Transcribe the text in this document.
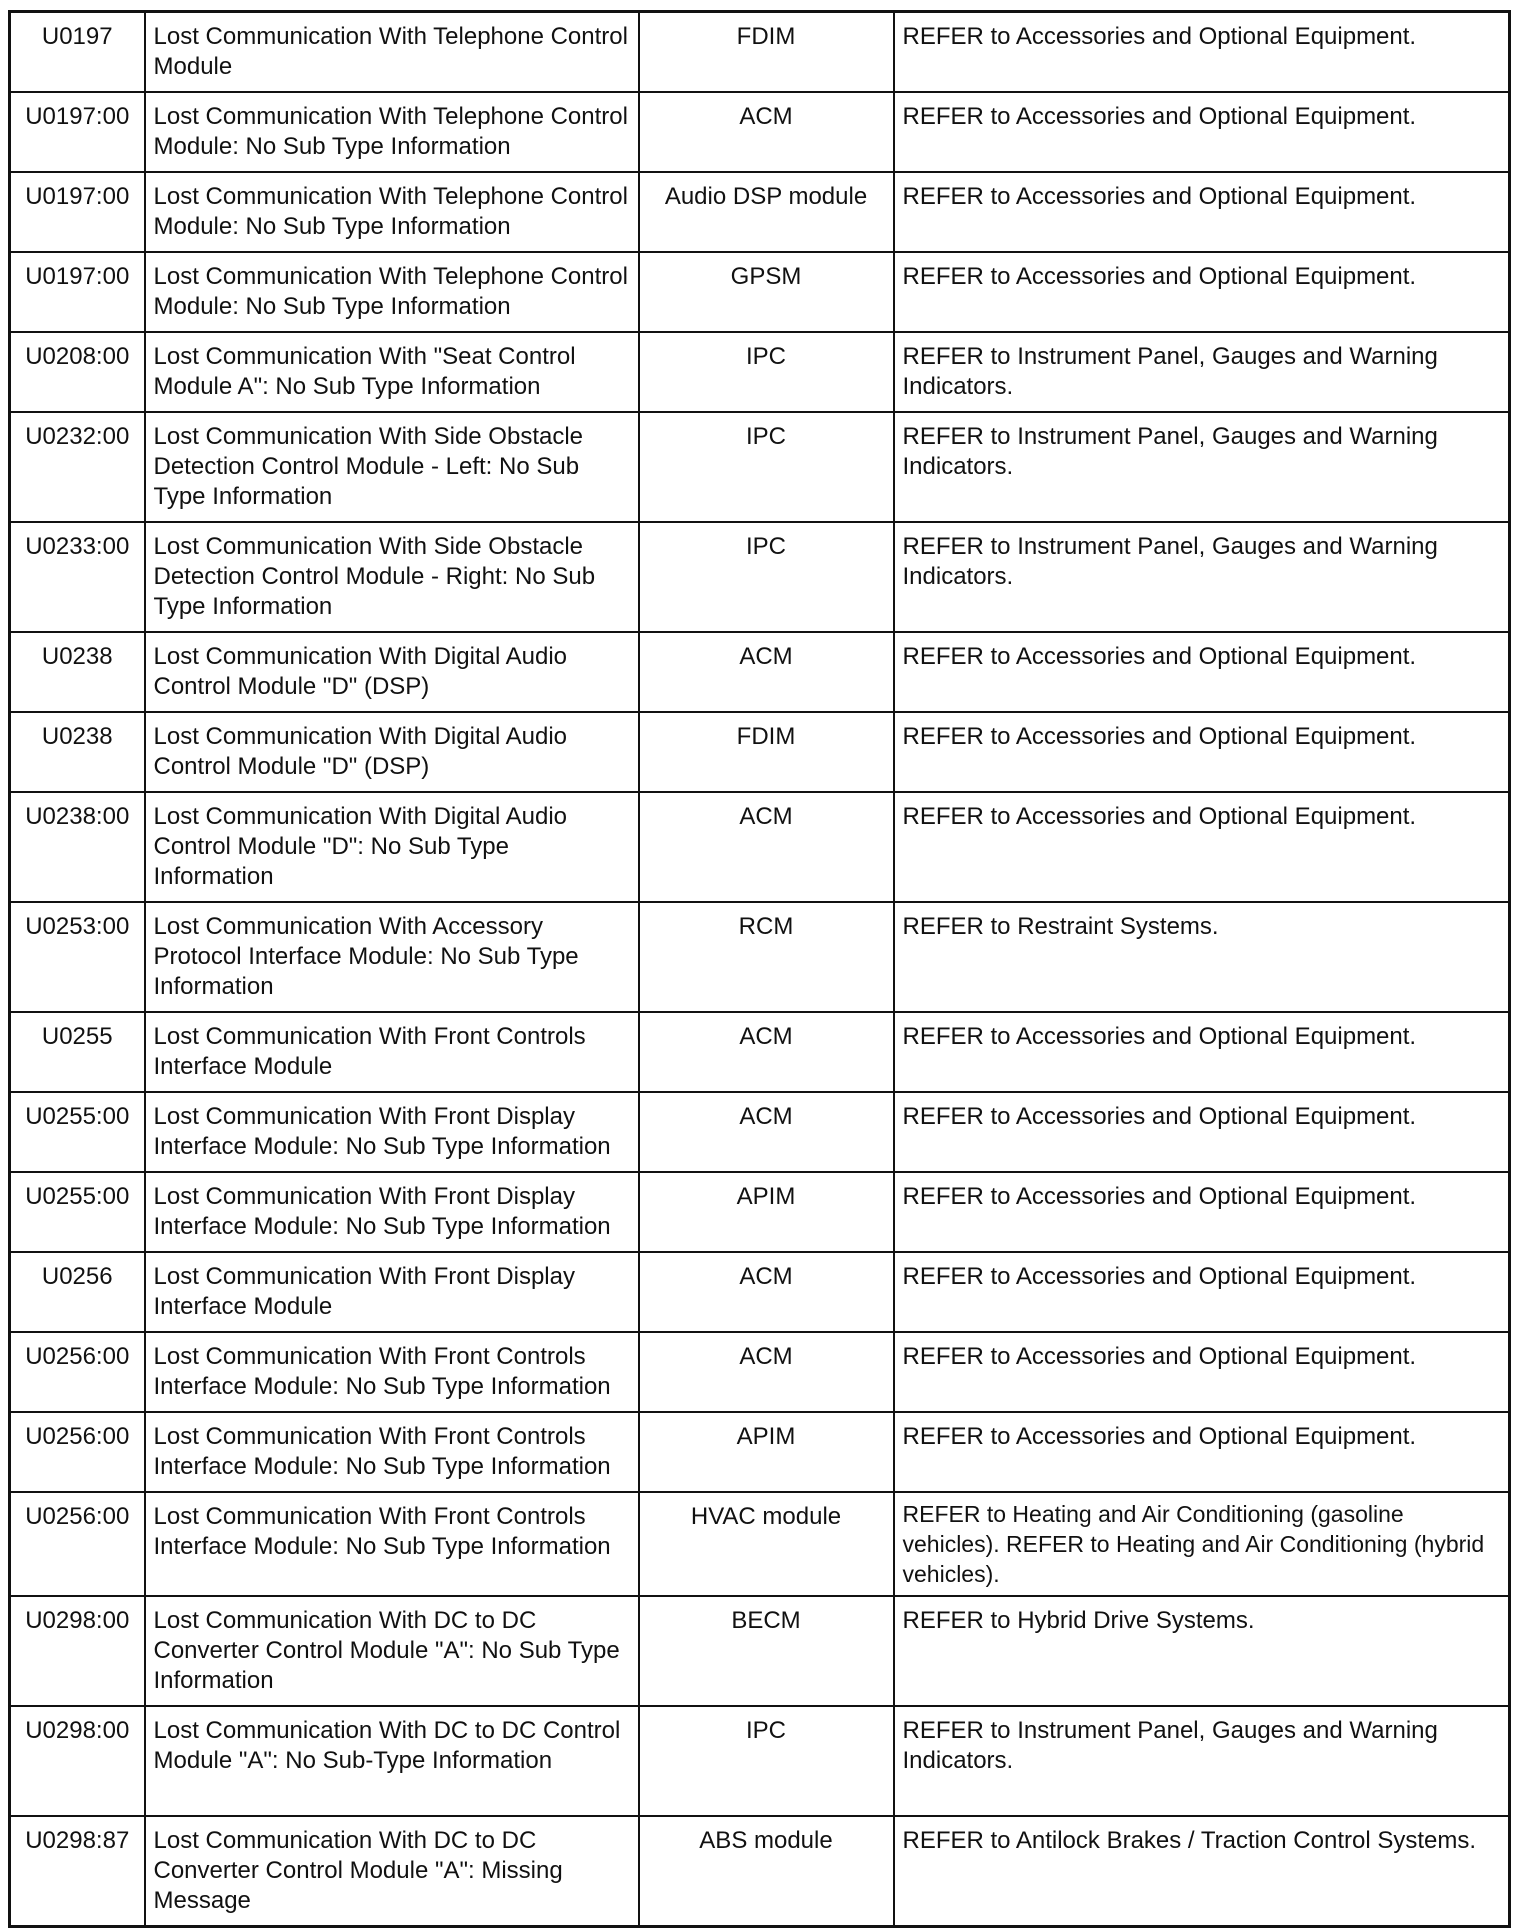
U0197	Lost Communication With Telephone Control Module	FDIM	REFER to Accessories and Optional Equipment.
U0197:00	Lost Communication With Telephone Control Module: No Sub Type Information	ACM	REFER to Accessories and Optional Equipment.
U0197:00	Lost Communication With Telephone Control Module: No Sub Type Information	Audio DSP module	REFER to Accessories and Optional Equipment.
U0197:00	Lost Communication With Telephone Control Module: No Sub Type Information	GPSM	REFER to Accessories and Optional Equipment.
U0208:00	Lost Communication With "Seat Control Module A": No Sub Type Information	IPC	REFER to Instrument Panel, Gauges and Warning Indicators.
U0232:00	Lost Communication With Side Obstacle Detection Control Module - Left: No Sub Type Information	IPC	REFER to Instrument Panel, Gauges and Warning Indicators.
U0233:00	Lost Communication With Side Obstacle Detection Control Module - Right: No Sub Type Information	IPC	REFER to Instrument Panel, Gauges and Warning Indicators.
U0238	Lost Communication With Digital Audio Control Module "D" (DSP)	ACM	REFER to Accessories and Optional Equipment.
U0238	Lost Communication With Digital Audio Control Module "D" (DSP)	FDIM	REFER to Accessories and Optional Equipment.
U0238:00	Lost Communication With Digital Audio Control Module "D": No Sub Type Information	ACM	REFER to Accessories and Optional Equipment.
U0253:00	Lost Communication With Accessory Protocol Interface Module: No Sub Type Information	RCM	REFER to Restraint Systems.
U0255	Lost Communication With Front Controls Interface Module	ACM	REFER to Accessories and Optional Equipment.
U0255:00	Lost Communication With Front Display Interface Module: No Sub Type Information	ACM	REFER to Accessories and Optional Equipment.
U0255:00	Lost Communication With Front Display Interface Module: No Sub Type Information	APIM	REFER to Accessories and Optional Equipment.
U0256	Lost Communication With Front Display Interface Module	ACM	REFER to Accessories and Optional Equipment.
U0256:00	Lost Communication With Front Controls Interface Module: No Sub Type Information	ACM	REFER to Accessories and Optional Equipment.
U0256:00	Lost Communication With Front Controls Interface Module: No Sub Type Information	APIM	REFER to Accessories and Optional Equipment.
U0256:00	Lost Communication With Front Controls Interface Module: No Sub Type Information	HVAC module	REFER to Heating and Air Conditioning (gasoline vehicles). REFER to Heating and Air Conditioning (hybrid vehicles).
U0298:00	Lost Communication With DC to DC Converter Control Module "A": No Sub Type Information	BECM	REFER to Hybrid Drive Systems.
U0298:00	Lost Communication With DC to DC Control Module "A": No Sub-Type Information	IPC	REFER to Instrument Panel, Gauges and Warning Indicators.
U0298:87	Lost Communication With DC to DC Converter Control Module "A": Missing Message	ABS module	REFER to Antilock Brakes / Traction Control Systems.
